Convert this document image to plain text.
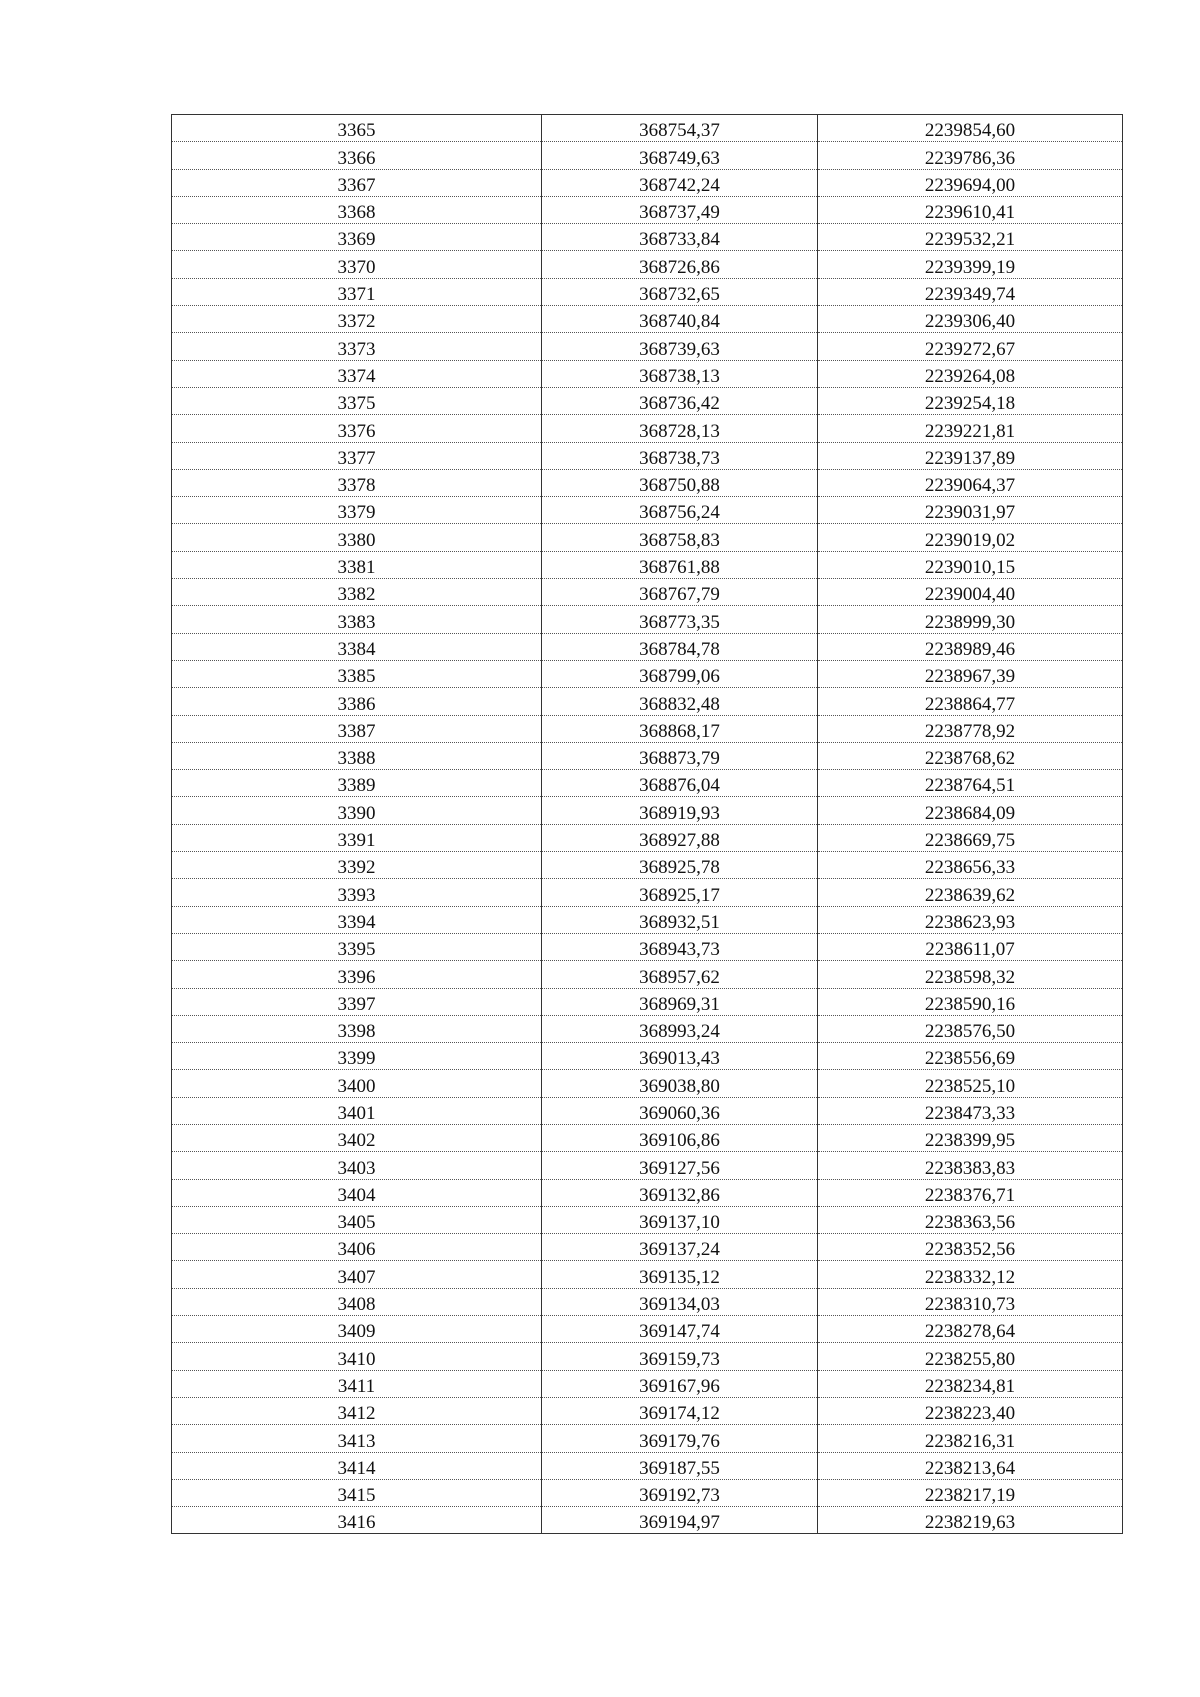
3365	368754,37	2239854,60
3366	368749,63	2239786,36
3367	368742,24	2239694,00
3368	368737,49	2239610,41
3369	368733,84	2239532,21
3370	368726,86	2239399,19
3371	368732,65	2239349,74
3372	368740,84	2239306,40
3373	368739,63	2239272,67
3374	368738,13	2239264,08
3375	368736,42	2239254,18
3376	368728,13	2239221,81
3377	368738,73	2239137,89
3378	368750,88	2239064,37
3379	368756,24	2239031,97
3380	368758,83	2239019,02
3381	368761,88	2239010,15
3382	368767,79	2239004,40
3383	368773,35	2238999,30
3384	368784,78	2238989,46
3385	368799,06	2238967,39
3386	368832,48	2238864,77
3387	368868,17	2238778,92
3388	368873,79	2238768,62
3389	368876,04	2238764,51
3390	368919,93	2238684,09
3391	368927,88	2238669,75
3392	368925,78	2238656,33
3393	368925,17	2238639,62
3394	368932,51	2238623,93
3395	368943,73	2238611,07
3396	368957,62	2238598,32
3397	368969,31	2238590,16
3398	368993,24	2238576,50
3399	369013,43	2238556,69
3400	369038,80	2238525,10
3401	369060,36	2238473,33
3402	369106,86	2238399,95
3403	369127,56	2238383,83
3404	369132,86	2238376,71
3405	369137,10	2238363,56
3406	369137,24	2238352,56
3407	369135,12	2238332,12
3408	369134,03	2238310,73
3409	369147,74	2238278,64
3410	369159,73	2238255,80
3411	369167,96	2238234,81
3412	369174,12	2238223,40
3413	369179,76	2238216,31
3414	369187,55	2238213,64
3415	369192,73	2238217,19
3416	369194,97	2238219,63
